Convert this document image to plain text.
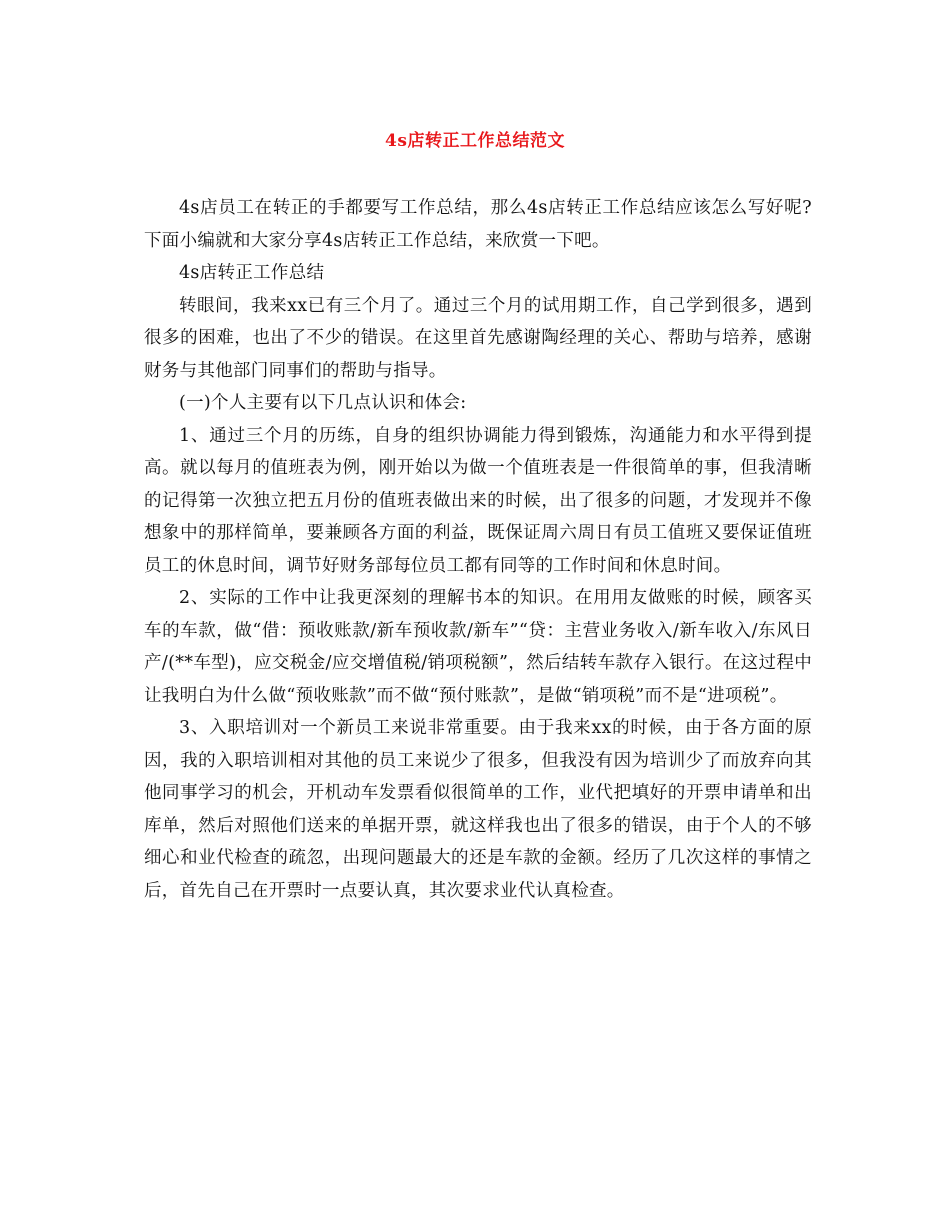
4s店转正工作总结范文

4s店员工在转正的手都要写工作总结，那么4s店转正工作总结应该怎么写好呢?下面小编就和大家分享4s店转正工作总结，来欣赏一下吧。

4s店转正工作总结

转眼间，我来xx已有三个月了。通过三个月的试用期工作，自己学到很多，遇到很多的困难，也出了不少的错误。在这里首先感谢陶经理的关心、帮助与培养，感谢财务与其他部门同事们的帮助与指导。

(一)个人主要有以下几点认识和体会:

1、通过三个月的历练，自身的组织协调能力得到锻炼，沟通能力和水平得到提高。就以每月的值班表为例，刚开始以为做一个值班表是一件很简单的事，但我清晰的记得第一次独立把五月份的值班表做出来的时候，出了很多的问题，才发现并不像想象中的那样简单，要兼顾各方面的利益，既保证周六周日有员工值班又要保证值班员工的休息时间，调节好财务部每位员工都有同等的工作时间和休息时间。

2、实际的工作中让我更深刻的理解书本的知识。在用用友做账的时候，顾客买车的车款，做“借：预收账款/新车预收款/新车”“贷：主营业务收入/新车收入/东风日产/(**车型)，应交税金/应交增值税/销项税额”，然后结转车款存入银行。在这过程中让我明白为什么做“预收账款”而不做“预付账款”，是做“销项税”而不是“进项税”。

3、入职培训对一个新员工来说非常重要。由于我来xx的时候，由于各方面的原因，我的入职培训相对其他的员工来说少了很多，但我没有因为培训少了而放弃向其他同事学习的机会，开机动车发票看似很简单的工作，业代把填好的开票申请单和出库单，然后对照他们送来的单据开票，就这样我也出了很多的错误，由于个人的不够细心和业代检查的疏忽，出现问题最大的还是车款的金额。经历了几次这样的事情之后，首先自己在开票时一点要认真，其次要求业代认真检查。
